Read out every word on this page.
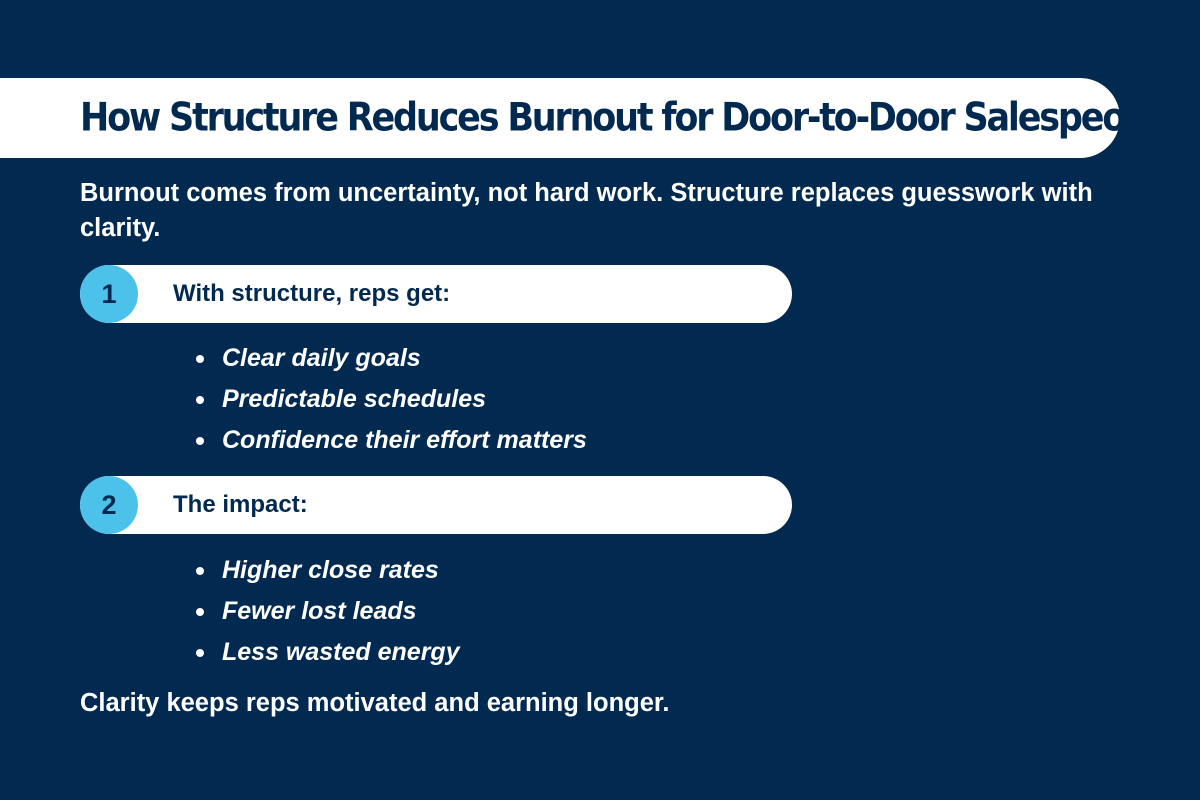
How Structure Reduces Burnout for Door-to-Door Salespeople

Burnout comes from uncertainty, not hard work. Structure replaces guesswork with clarity.

1	With structure, reps get:
Clear daily goals
Predictable schedules
Confidence their effort matters
2	The impact:
Higher close rates
Fewer lost leads
Less wasted energy

Clarity keeps reps motivated and earning longer.
